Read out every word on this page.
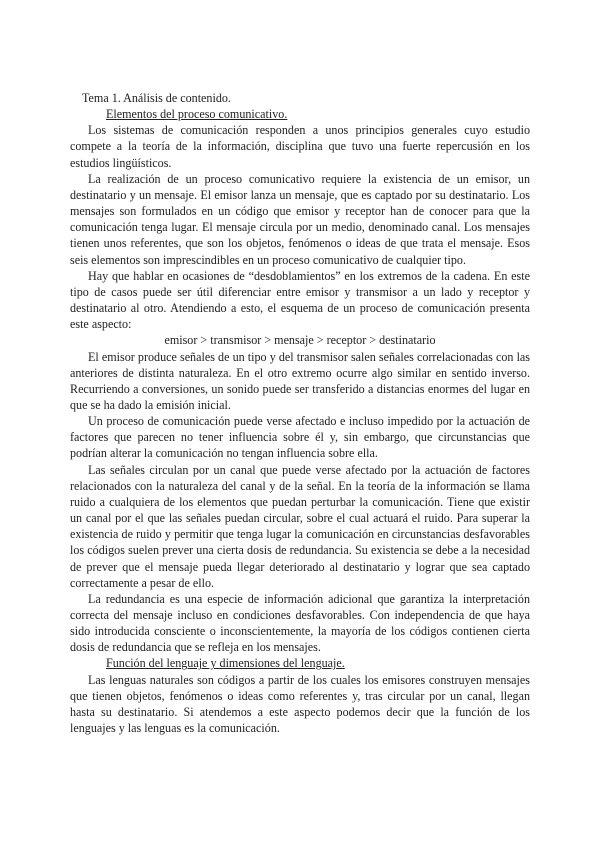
Tema 1. Análisis de contenido.
Elementos del proceso comunicativo.

Los sistemas de comunicación responden a unos principios generales cuyo estudio compete a la teoría de la información, disciplina que tuvo una fuerte repercusión en los estudios lingüísticos.

La realización de un proceso comunicativo requiere la existencia de un emisor, un destinatario y un mensaje. El emisor lanza un mensaje, que es captado por su destinatario. Los mensajes son formulados en un código que emisor y receptor han de conocer para que la comunicación tenga lugar. El mensaje circula por un medio, denominado canal. Los mensajes tienen unos referentes, que son los objetos, fenómenos o ideas de que trata el mensaje. Esos seis elementos son imprescindibles en un proceso comunicativo de cualquier tipo.

Hay que hablar en ocasiones de “desdoblamientos” en los extremos de la cadena. En este tipo de casos puede ser útil diferenciar entre emisor y transmisor a un lado y receptor y destinatario al otro. Atendiendo a esto, el esquema de un proceso de comunicación presenta este aspecto:

emisor > transmisor > mensaje > receptor > destinatario

El emisor produce señales de un tipo y del transmisor salen señales correlacionadas con las anteriores de distinta naturaleza. En el otro extremo ocurre algo similar en sentido inverso. Recurriendo a conversiones, un sonido puede ser transferido a distancias enormes del lugar en que se ha dado la emisión inicial.

Un proceso de comunicación puede verse afectado e incluso impedido por la actuación de factores que parecen no tener influencia sobre él y, sin embargo, que circunstancias que podrían alterar la comunicación no tengan influencia sobre ella.

Las señales circulan por un canal que puede verse afectado por la actuación de factores relacionados con la naturaleza del canal y de la señal. En la teoría de la información se llama ruido a cualquiera de los elementos que puedan perturbar la comunicación. Tiene que existir un canal por el que las señales puedan circular, sobre el cual actuará el ruido. Para superar la existencia de ruido y permitir que tenga lugar la comunicación en circunstancias desfavorables los códigos suelen prever una cierta dosis de redundancia. Su existencia se debe a la necesidad de prever que el mensaje pueda llegar deteriorado al destinatario y lograr que sea captado correctamente a pesar de ello.

La redundancia es una especie de información adicional que garantiza la interpretación correcta del mensaje incluso en condiciones desfavorables. Con independencia de que haya sido introducida consciente o inconscientemente, la mayoría de los códigos contienen cierta dosis de redundancia que se refleja en los mensajes.

Función del lenguaje y dimensiones del lenguaje.

Las lenguas naturales son códigos a partir de los cuales los emisores construyen mensajes que tienen objetos, fenómenos o ideas como referentes y, tras circular por un canal, llegan hasta su destinatario. Si atendemos a este aspecto podemos decir que la función de los lenguajes y las lenguas es la comunicación.
